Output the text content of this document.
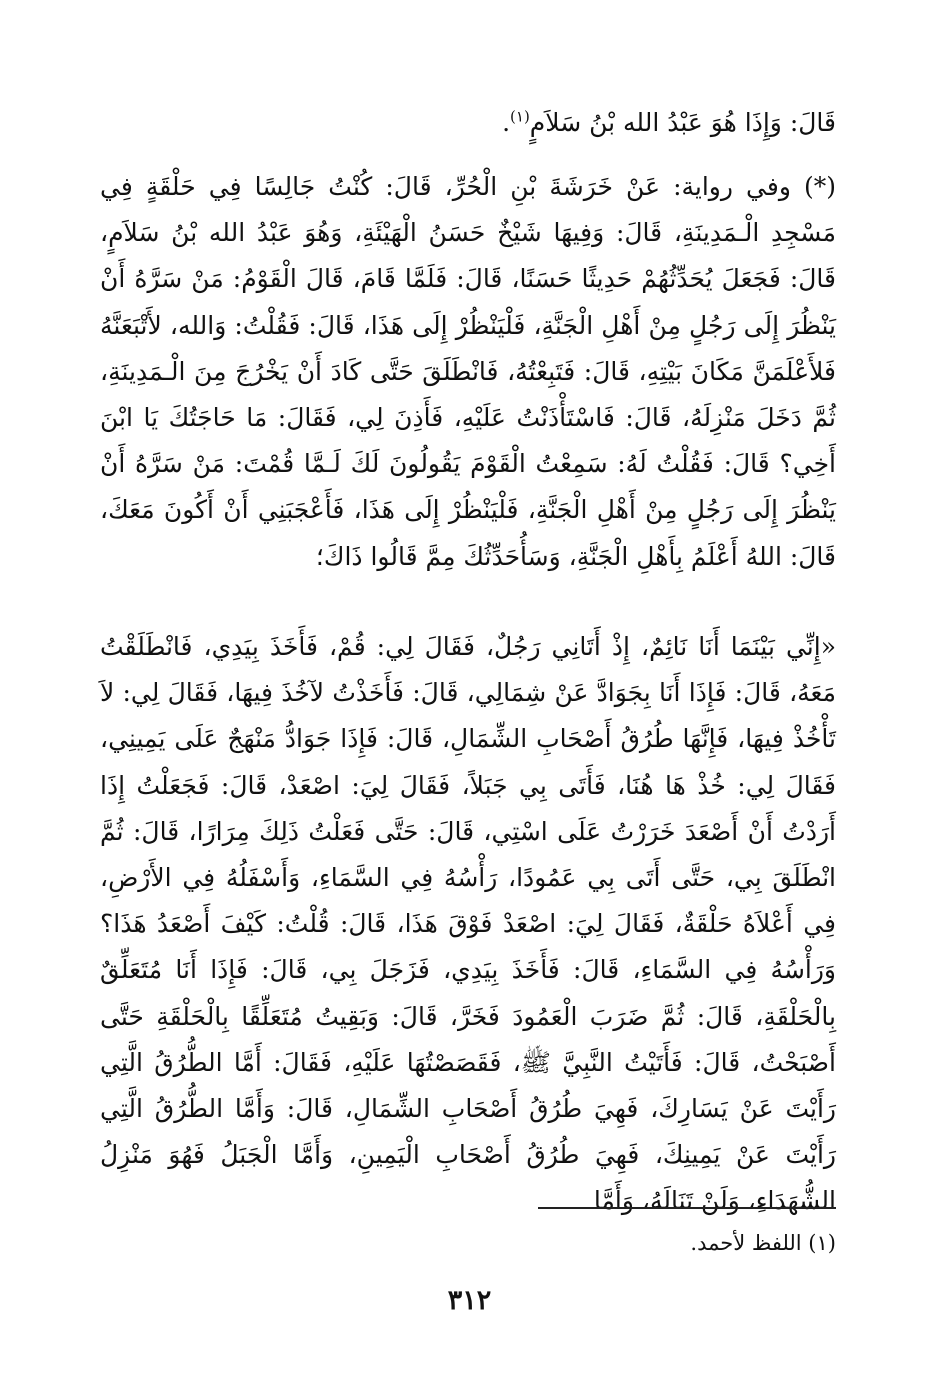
قَالَ: وَإِذَا هُوَ عَبْدُ الله بْنُ سَلاَمٍ$^{(١)}$.

(*) وفي رواية: عَنْ خَرَشَةَ بْنِ الْحُرِّ، قَالَ: كُنْتُ جَالِسًا فِي حَلْقَةٍ فِي مَسْجِدِ الْـمَدِينَةِ، قَالَ: وَفِيهَا شَيْخٌ حَسَنُ الْهَيْئَةِ، وَهُوَ عَبْدُ الله بْنُ سَلاَمٍ، قَالَ: فَجَعَلَ يُحَدِّثُهُمْ حَدِيثًا حَسَنًا، قَالَ: فَلَمَّا قَامَ، قَالَ الْقَوْمُ: مَنْ سَرَّهُ أَنْ يَنْظُرَ إِلَى رَجُلٍ مِنْ أَهْلِ الْجَنَّةِ، فَلْيَنْظُرْ إِلَى هَذَا، قَالَ: فَقُلْتُ: وَالله، لأَتْبَعَنَّهُ فَلأَعْلَمَنَّ مَكَانَ بَيْتِهِ، قَالَ: فَتَبِعْتُهُ، فَانْطَلَقَ حَتَّى كَادَ أَنْ يَخْرُجَ مِنَ الْـمَدِينَةِ، ثُمَّ دَخَلَ مَنْزِلَهُ، قَالَ: فَاسْتَأْذَنْتُ عَلَيْهِ، فَأَذِنَ لِي، فَقَالَ: مَا حَاجَتُكَ يَا ابْنَ أَخِي؟ قَالَ: فَقُلْتُ لَهُ: سَمِعْتُ الْقَوْمَ يَقُولُونَ لَكَ لَـمَّا قُمْتَ: مَنْ سَرَّهُ أَنْ يَنْظُرَ إِلَى رَجُلٍ مِنْ أَهْلِ الْجَنَّةِ، فَلْيَنْظُرْ إِلَى هَذَا، فَأَعْجَبَنِي أَنْ أَكُونَ مَعَكَ، قَالَ: اللهُ أَعْلَمُ بِأَهْلِ الْجَنَّةِ، وَسَأُحَدِّثُكَ مِمَّ قَالُوا ذَاكَ؛

«إِنِّي بَيْنَمَا أَنَا نَائِمٌ، إِذْ أَتَانِي رَجُلٌ، فَقَالَ لِي: قُمْ، فَأَخَذَ بِيَدِي، فَانْطَلَقْتُ مَعَهُ، قَالَ: فَإِذَا أَنَا بِجَوَادَّ عَنْ شِمَالِي، قَالَ: فَأَخَذْتُ لآخُذَ فِيهَا، فَقَالَ لِي: لاَ تَأْخُذْ فِيهَا، فَإِنَّهَا طُرُقُ أَصْحَابِ الشِّمَالِ، قَالَ: فَإِذَا جَوَادُّ مَنْهَجٌ عَلَى يَمِينِي، فَقَالَ لِي: خُذْ هَا هُنَا، فَأَتَى بِي جَبَلاً، فَقَالَ لِيَ: اصْعَدْ، قَالَ: فَجَعَلْتُ إِذَا أَرَدْتُ أَنْ أَصْعَدَ خَرَرْتُ عَلَى اسْتِي، قَالَ: حَتَّى فَعَلْتُ ذَلِكَ مِرَارًا، قَالَ: ثُمَّ انْطَلَقَ بِي، حَتَّى أَتَى بِي عَمُودًا، رَأْسُهُ فِي السَّمَاءِ، وَأَسْفَلُهُ فِي الأَرْضِ، فِي أَعْلاَهُ حَلْقَةٌ، فَقَالَ لِيَ: اصْعَدْ فَوْقَ هَذَا، قَالَ: قُلْتُ: كَيْفَ أَصْعَدُ هَذَا؟ وَرَأْسُهُ فِي السَّمَاءِ، قَالَ: فَأَخَذَ بِيَدِي، فَزَجَلَ بِي، قَالَ: فَإِذَا أَنَا مُتَعَلِّقٌ بِالْحَلْقَةِ، قَالَ: ثُمَّ ضَرَبَ الْعَمُودَ فَخَرَّ، قَالَ: وَبَقِيتُ مُتَعَلِّقًا بِالْحَلْقَةِ حَتَّى أَصْبَحْتُ، قَالَ: فَأَتَيْتُ النَّبِيَّ ﷺ، فَقَصَصْتُهَا عَلَيْهِ، فَقَالَ: أَمَّا الطُّرُقُ الَّتِي رَأَيْتَ عَنْ يَسَارِكَ، فَهِيَ طُرُقُ أَصْحَابِ الشِّمَالِ، قَالَ: وَأَمَّا الطُّرُقُ الَّتِي رَأَيْتَ عَنْ يَمِينِكَ، فَهِيَ طُرُقُ أَصْحَابِ الْيَمِينِ، وَأَمَّا الْجَبَلُ فَهُوَ مَنْزِلُ الشُّهَدَاءِ، وَلَنْ تَنَالَهُ، وَأَمَّا

(١) اللفظ لأحمد.
٣١٢
